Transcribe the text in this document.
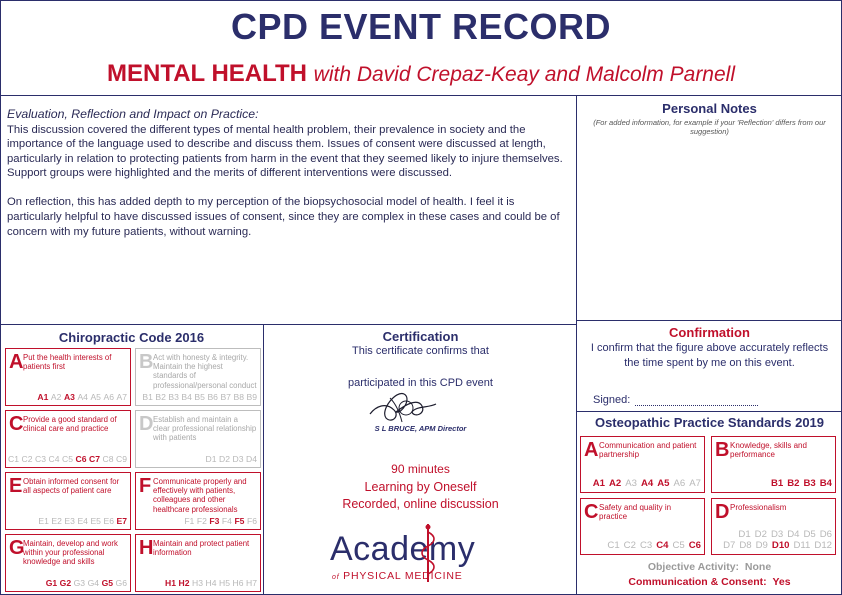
CPD EVENT RECORD
MENTAL HEALTH with David Crepaz-Keay and Malcolm Parnell
Evaluation, Reflection and Impact on Practice:

This discussion covered the different types of mental health problem, their prevalence in society and the importance of the language used to describe and discuss them. Issues of consent were discussed at length, particularly in relation to protecting patients from harm in the event that they seemed likely to injure themselves. Support groups were highlighted and the merits of different interventions were discussed.

On reflection, this has added depth to my perception of the biopsychosocial model of health. I feel it is particularly helpful to have discussed issues of consent, since they are complex in these cases and could be of concern with my future patients, without warning.

Personal Notes
(For added information, for example if your 'Reflection' differs from our suggestion)
Chiropractic Code 2016
A Put the health interests of patients first
A1 A2 A3 A4 A5 A6 A7
B Act with honesty & integrity. Maintain the highest standards of professional/personal conduct
B1 B2 B3 B4 B5 B6 B7 B8 B9
C Provide a good standard of clinical care and practice
C1 C2 C3 C4 C5 C6 C7 C8 C9
D Establish and maintain a clear professional relationship with patients
D1 D2 D3 D4
E Obtain informed consent for all aspects of patient care
E1 E2 E3 E4 E5 E6 E7
F Communicate properly and effectively with patients, colleagues and other healthcare professionals
F1 F2 F3 F4 F5 F6
G
Maintain, develop and work within your professional knowledge and skills
G1 G2 G3 G4 G5 G6
H Maintain and protect patient information
H1 H2 H3 H4 H5 H6 H7
Certification
This certificate confirms that
participated in this CPD event
S L BRUCE, APM Director
90 minutes
Learning by Oneself
Recorded, online discussion
Academy
of PHYSICAL MEDICINE
Confirmation
I confirm that the figure above accurately reflects the time spent by me on this event.
Signed:
Osteopathic Practice Standards 2019
A Communication and patient partnership
A1 A2 A3 A4 A5 A6 A7
B Knowledge, skills and performance
B1 B2 B3 B4
C Safety and quality in practice
C1 C2 C3 C4 C5 C6
D Professionalism
D1 D2 D3 D4 D5 D6
D7 D8 D9 D10 D11 D12
Objective Activity: None
Communication & Consent: Yes
